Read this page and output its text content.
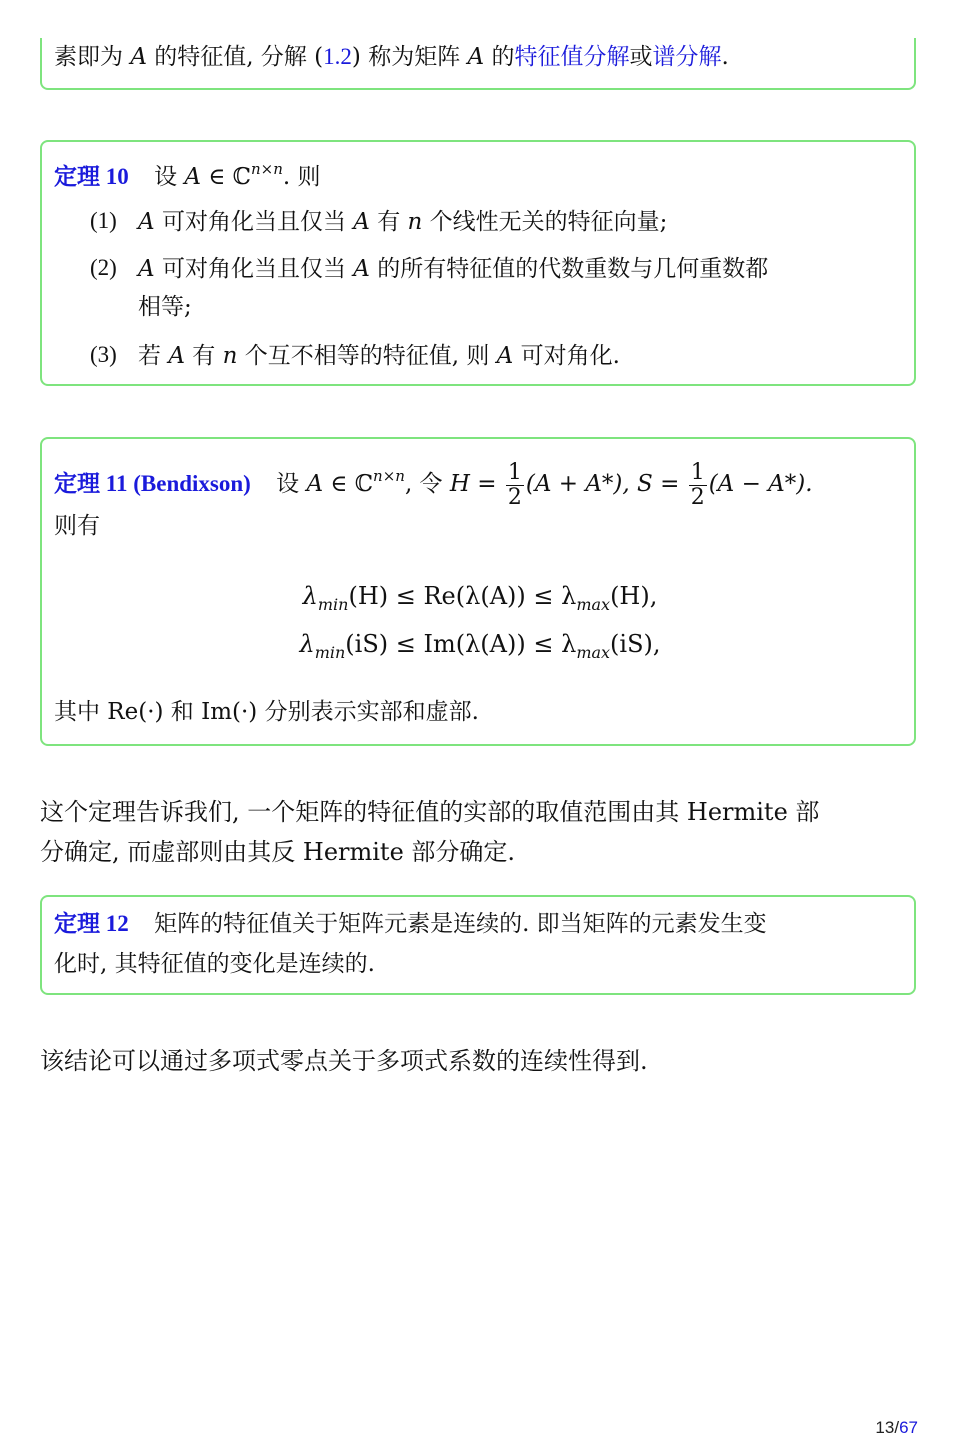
素即为 A 的特征值, 分解 (1.2) 称为矩阵 A 的特征值分解或谱分解.
定理 10 设 A ∈ ℂ$^{n\times n}$. 则
(1) A 可对角化当且仅当 A 有 n 个线性无关的特征向量;
(2) A 可对角化当且仅当 A 的所有特征值的代数重数与几何重数都
相等;
(3) 若 A 有 n 个互不相等的特征值, 则 A 可对角化.
定理 11 (Bendixson) 设 A ∈ ℂ$^{n\times n}$, 令 $H = \frac{1}{2} (A + A*)$, $S = \frac{1}{2} (A - A*)$.
则有
$\lambda_{min}(H) \le Re(\lambda(A)) \le \lambda_{max}(H)$,
$\lambda_{min}(iS) \le Im(\lambda(A)) \le \lambda_{max}(iS)$,
其中 Re(·) 和 Im(·) 分别表示实部和虚部.
这个定理告诉我们, 一个矩阵的特征值的实部的取值范围由其 Hermite 部
分确定, 而虚部则由其反 Hermite 部分确定.
定理 12 矩阵的特征值关于矩阵元素是连续的. 即当矩阵的元素发生变
化时, 其特征值的变化是连续的.
该结论可以通过多项式零点关于多项式系数的连续性得到.
13/67
